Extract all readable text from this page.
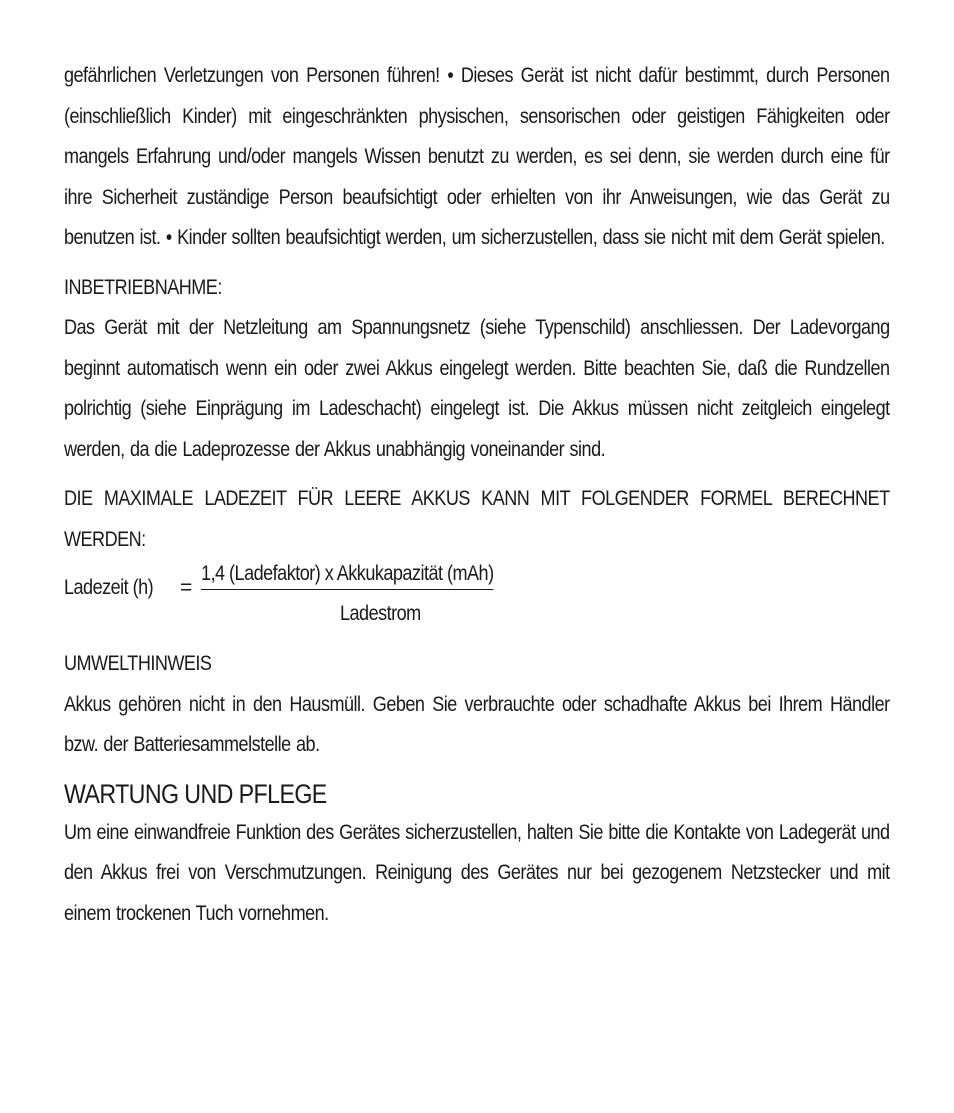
gefährlichen Verletzungen von Personen führen! • Dieses Gerät ist nicht dafür bestimmt, durch Personen (einschließlich Kinder) mit eingeschränkten physischen, sensorischen oder geistigen Fähigkeiten oder mangels Erfahrung und/oder mangels Wissen benutzt zu werden, es sei denn, sie werden durch eine für ihre Sicherheit zuständige Person beaufsichtigt oder erhielten von ihr Anweisungen, wie das Gerät zu benutzen ist. • Kinder sollten beaufsichtigt werden, um sicherzustellen, dass sie nicht mit dem Gerät spielen.

INBETRIEBNAHME:

Das Gerät mit der Netzleitung am Spannungsnetz (siehe Typenschild) anschliessen. Der Ladevorgang beginnt automatisch wenn ein oder zwei Akkus eingelegt werden. Bitte beachten Sie, daß die Rundzellen polrichtig (siehe Einprägung im Ladeschacht) eingelegt ist. Die Akkus müssen nicht zeitgleich eingelegt werden, da die Ladeprozesse der Akkus unabhängig voneinander sind.

DIE MAXIMALE LADEZEIT FÜR LEERE AKKUS KANN MIT FOLGENDER FORMEL BERECHNET WERDEN:

Ladezeit (h) =
1,4 (Ladefaktor) x Akkukapazität (mAh)
Ladestrom

UMWELTHINWEIS

Akkus gehören nicht in den Hausmüll. Geben Sie verbrauchte oder schadhafte Akkus bei Ihrem Händler bzw. der Batteriesammelstelle ab.

WARTUNG UND PFLEGE

Um eine einwandfreie Funktion des Gerätes sicherzustellen, halten Sie bitte die Kontakte von Ladegerät und den Akkus frei von Verschmutzungen. Reinigung des Gerätes nur bei gezogenem Netzstecker und mit einem trockenen Tuch vornehmen.
